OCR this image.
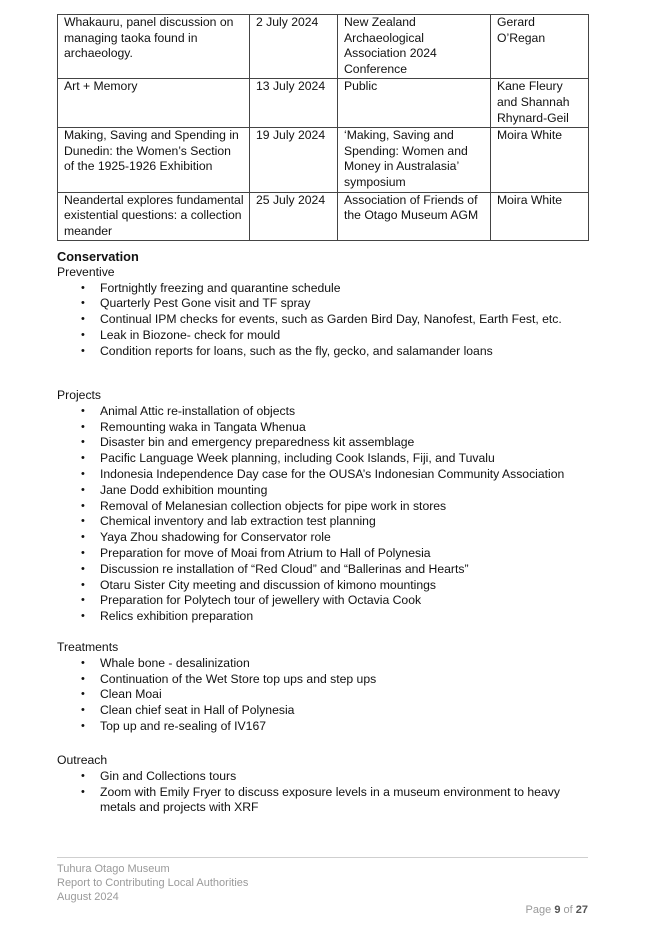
Whakauru, panel discussion on managing taoka found in archaeology.	2 July 2024	New Zealand Archaeological Association 2024 Conference	Gerard O’Regan
Art + Memory	13 July 2024	Public	Kane Fleury and Shannah Rhynard-Geil
Making, Saving and Spending in Dunedin: the Women’s Section of the 1925-1926 Exhibition	19 July 2024	‘Making, Saving and Spending: Women and Money in Australasia’ symposium	Moira White
Neandertal explores fundamental existential questions: a collection meander	25 July 2024	Association of Friends of the Otago Museum AGM	Moira White
Conservation
Preventive
• Fortnightly freezing and quarantine schedule
• Quarterly Pest Gone visit and TF spray
• Continual IPM checks for events, such as Garden Bird Day, Nanofest, Earth Fest, etc.
• Leak in Biozone- check for mould
• Condition reports for loans, such as the fly, gecko, and salamander loans
Projects
• Animal Attic re-installation of objects
• Remounting waka in Tangata Whenua
• Disaster bin and emergency preparedness kit assemblage
• Pacific Language Week planning, including Cook Islands, Fiji, and Tuvalu
• Indonesia Independence Day case for the OUSA’s Indonesian Community Association
• Jane Dodd exhibition mounting
• Removal of Melanesian collection objects for pipe work in stores
• Chemical inventory and lab extraction test planning
• Yaya Zhou shadowing for Conservator role
• Preparation for move of Moai from Atrium to Hall of Polynesia
• Discussion re installation of “Red Cloud” and “Ballerinas and Hearts”
• Otaru Sister City meeting and discussion of kimono mountings
• Preparation for Polytech tour of jewellery with Octavia Cook
• Relics exhibition preparation
Treatments
• Whale bone - desalinization
• Continuation of the Wet Store top ups and step ups
• Clean Moai
• Clean chief seat in Hall of Polynesia
• Top up and re-sealing of IV167
Outreach
• Gin and Collections tours
• Zoom with Emily Fryer to discuss exposure levels in a museum environment to heavy metals and projects with XRF
Tuhura Otago Museum
Report to Contributing Local Authorities
August 2024
Page 9 of 27
